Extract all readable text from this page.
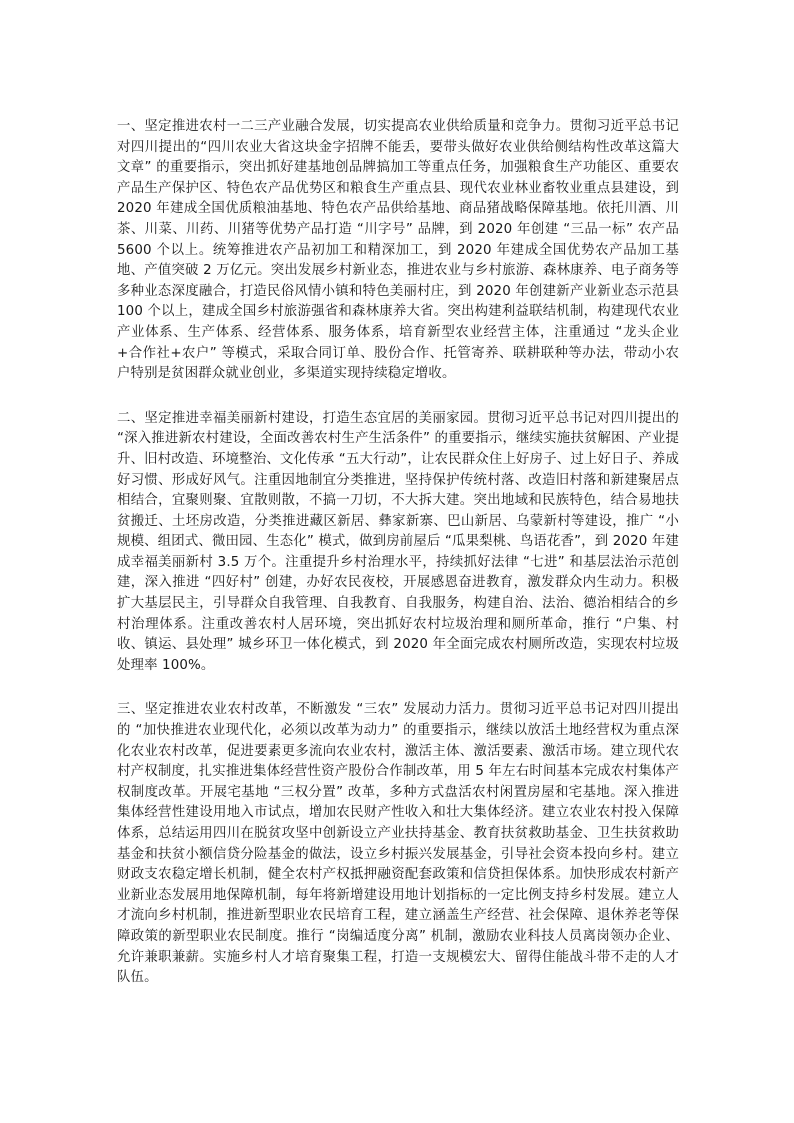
一、坚定推进农村一二三产业融合发展，切实提高农业供给质量和竞争力。贯彻习近平总书记对四川提出的“四川农业大省这块金字招牌不能丢，要带头做好农业供给侧结构性改革这篇大文章” 的重要指示，突出抓好建基地创品牌搞加工等重点任务，加强粮食生产功能区、重要农产品生产保护区、特色农产品优势区和粮食生产重点县、现代农业林业畜牧业重点县建设，到 2020 年建成全国优质粮油基地、特色农产品供给基地、商品猪战略保障基地。依托川酒、川茶、川菜、川药、川猪等优势产品打造 “川字号” 品牌，到 2020 年创建 “三品一标” 农产品 5600 个以上。统筹推进农产品初加工和精深加工，到 2020 年建成全国优势农产品加工基地、产值突破 2 万亿元。突出发展乡村新业态，推进农业与乡村旅游、森林康养、电子商务等多种业态深度融合，打造民俗风情小镇和特色美丽村庄，到 2020 年创建新产业新业态示范县 100 个以上，建成全国乡村旅游强省和森林康养大省。突出构建利益联结机制，构建现代农业产业体系、生产体系、经营体系、服务体系，培育新型农业经营主体，注重通过 “龙头企业+合作社+农户” 等模式，采取合同订单、股份合作、托管寄养、联耕联种等办法，带动小农户特别是贫困群众就业创业，多渠道实现持续稳定增收。

二、坚定推进幸福美丽新村建设，打造生态宜居的美丽家园。贯彻习近平总书记对四川提出的 “深入推进新农村建设，全面改善农村生产生活条件” 的重要指示，继续实施扶贫解困、产业提升、旧村改造、环境整治、文化传承 “五大行动”，让农民群众住上好房子、过上好日子、养成好习惯、形成好风气。注重因地制宜分类推进，坚持保护传统村落、改造旧村落和新建聚居点相结合，宜聚则聚、宜散则散，不搞一刀切，不大拆大建。突出地域和民族特色，结合易地扶贫搬迁、土坯房改造，分类推进藏区新居、彝家新寨、巴山新居、乌蒙新村等建设，推广 “小规模、组团式、微田园、生态化” 模式，做到房前屋后 “瓜果梨桃、鸟语花香”，到 2020 年建成幸福美丽新村 3.5 万个。注重提升乡村治理水平，持续抓好法律 “七进” 和基层法治示范创建，深入推进 “四好村” 创建，办好农民夜校，开展感恩奋进教育，激发群众内生动力。积极扩大基层民主，引导群众自我管理、自我教育、自我服务，构建自治、法治、德治相结合的乡村治理体系。注重改善农村人居环境，突出抓好农村垃圾治理和厕所革命，推行 “户集、村收、镇运、县处理” 城乡环卫一体化模式，到 2020 年全面完成农村厕所改造，实现农村垃圾处理率 100%。

三、坚定推进农业农村改革，不断激发 “三农” 发展动力活力。贯彻习近平总书记对四川提出的 “加快推进农业现代化，必须以改革为动力” 的重要指示，继续以放活土地经营权为重点深化农业农村改革，促进要素更多流向农业农村，激活主体、激活要素、激活市场。建立现代农村产权制度，扎实推进集体经营性资产股份合作制改革，用 5 年左右时间基本完成农村集体产权制度改革。开展宅基地 “三权分置” 改革，多种方式盘活农村闲置房屋和宅基地。深入推进集体经营性建设用地入市试点，增加农民财产性收入和壮大集体经济。建立农业农村投入保障体系，总结运用四川在脱贫攻坚中创新设立产业扶持基金、教育扶贫救助基金、卫生扶贫救助基金和扶贫小额信贷分险基金的做法，设立乡村振兴发展基金，引导社会资本投向乡村。建立财政支农稳定增长机制，健全农村产权抵押融资配套政策和信贷担保体系。加快形成农村新产业新业态发展用地保障机制，每年将新增建设用地计划指标的一定比例支持乡村发展。建立人才流向乡村机制，推进新型职业农民培育工程，建立涵盖生产经营、社会保障、退休养老等保障政策的新型职业农民制度。推行 “岗编适度分离” 机制，激励农业科技人员离岗领办企业、允许兼职兼薪。实施乡村人才培育聚集工程，打造一支规模宏大、留得住能战斗带不走的人才队伍。
